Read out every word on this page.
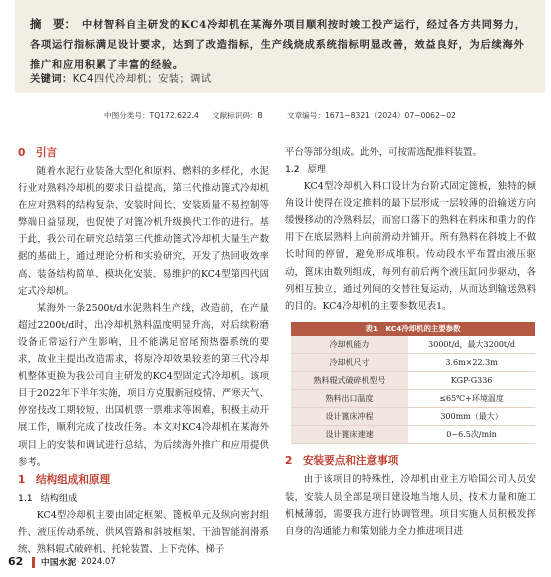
摘　要： 中材智科自主研发的KC4冷却机在某海外项目顺利按时竣工投产运行，经过各方共同努力，各项运行指标满足设计要求，达到了改造指标，生产线烧成系统指标明显改善，效益良好，为后续海外推广和应用积累了丰富的经验。

关键词：KC4四代冷却机；安装；调试

中图分类号：TQ172.622.4 文献标识码：B	文章编号：1671−8321（2024）07−0062−02

0　引言

随着水泥行业装备大型化和原料、燃料的多样化，水泥行业对熟料冷却机的要求日益提高，第三代推动篦式冷却机在应对熟料的结构复杂、安装时间长、安装质量不易控制等弊端日益显现，也促使了对篦冷机升级换代工作的进行。基于此，我公司在研究总结第三代推动篦式冷却机大量生产数据的基础上，通过理论分析和实验研究，开发了热回收效率高、装备结构简单、模块化安装、易维护的KC4型第四代固定式冷却机。

某海外一条2500t/d水泥熟料生产线，改造前，在产量超过2200t/d时，出冷却机熟料温度明显升高，对后续粉磨设备正常运行产生影响，且不能满足窑尾预热器系统的要求，故业主提出改造需求，将原冷却效果较差的第三代冷却机整体更换为我公司自主研发的KC4型固定式冷却机。该项目于2022年下半年实施，项目方克服新冠疫情、严寒天气、停窑技改工期较短、出国机票一票难求等困难，积极主动开展工作，顺利完成了技改任务。本文对KC4冷却机在某海外项目上的安装和调试进行总结，为后续海外推广和应用提供参考。

1　结构组成和原理

1.1 结构组成

KC4型冷却机主要由固定框架、篦板单元及纵向密封组件、液压传动系统、供风管路和斜坡框架、干油智能润滑系统、熟料辊式破碎机、托轮装置、上下壳体、梯子

平台等部分组成。此外，可按需选配推料装置。

1.2 原理

KC4型冷却机入料口设计为台阶式固定篦板，独特的倾角设计使得在设定推料的最下层形成一层较薄的沿输送方向缓慢移动的冷熟料层，而窑口落下的熟料在料床和重力的作用下在底层熟料上向前滑动并铺开。所有熟料在斜坡上不做长时间的停留，避免形成堆积。传动段水平布置由液压驱动，篦床由数列组成，每列有前后两个液压缸同步驱动，各列相互独立，通过列间的交替往复运动，从而达到输送熟料的目的。KC4冷却机的主要参数见表1。

表1　KC4冷却机的主要参数
冷却机能力	3000t/d，最大3200t/d
冷却机尺寸	3.6m×22.3m
熟料辊式破碎机型号	KGP-G336
熟料出口温度	≤65℃+环境温度
设计篦床冲程	300mm（最大）
设计篦床速速	0~6.5次/min

2　安装要点和注意事项

由于该项目的特殊性，冷却机由业主方哈国公司人员安装，安装人员全部是项目建设地当地人员，技术力量和施工机械薄弱，需要我方进行协调管理。项目实施人员积极发挥自身的沟通能力和策划能力全力推进项目进

62 中国水泥 2024.07
